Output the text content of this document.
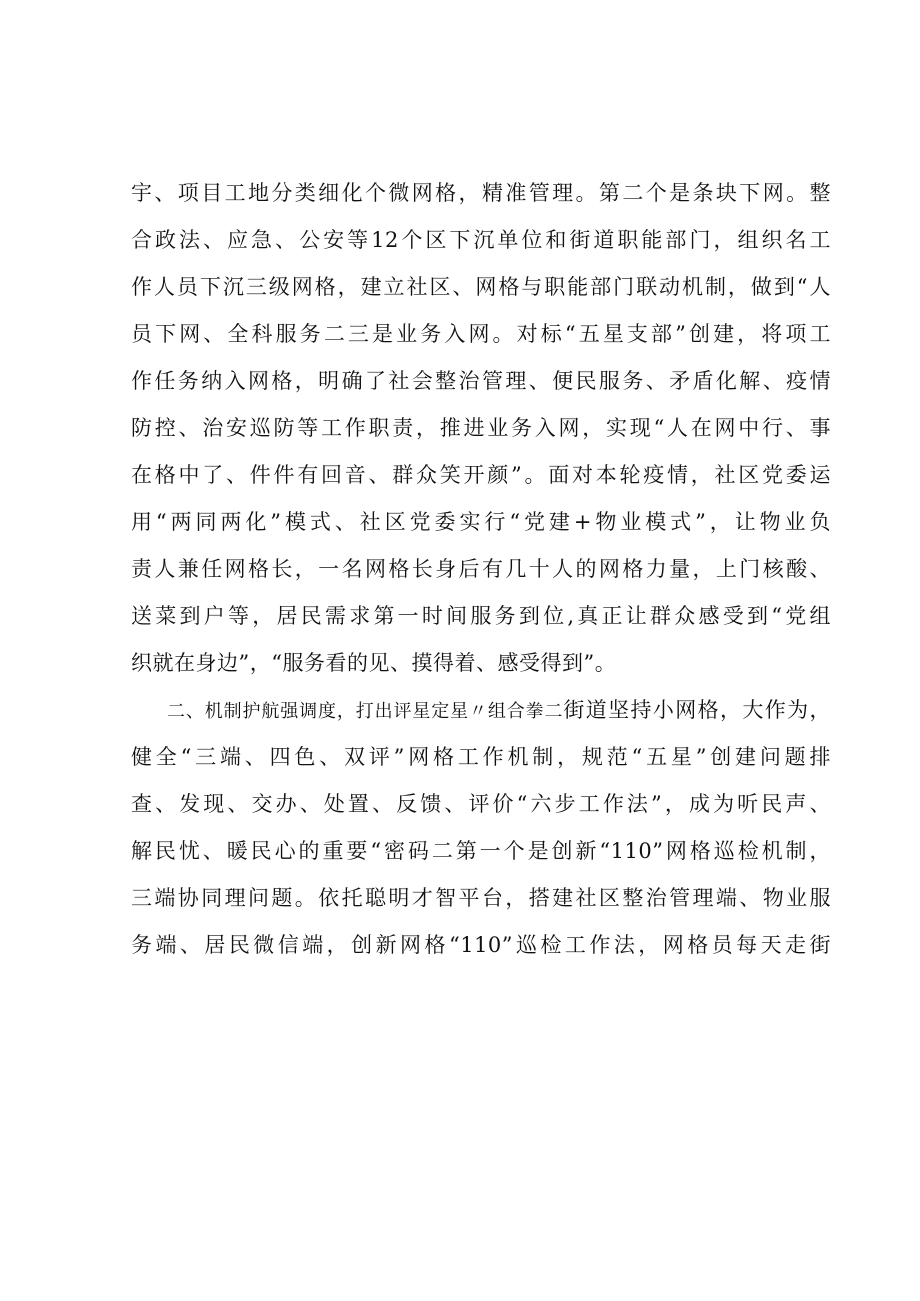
宇、项目工地分类细化个微网格，精准管理。第二个是条块下网。整
合政法、应急、公安等12个区下沉单位和街道职能部门，组织名工
作人员下沉三级网格，建立社区、网格与职能部门联动机制，做到“人
员下网、全科服务二三是业务入网。对标“五星支部”创建，将项工
作任务纳入网格，明确了社会整治管理、便民服务、矛盾化解、疫情
防控、治安巡防等工作职责，推进业务入网，实现“人在网中行、事
在格中了、件件有回音、群众笑开颜”。面对本轮疫情，社区党委运
用“两同两化”模式、社区党委实行“党建+物业模式”，让物业负
责人兼任网格长，一名网格长身后有几十人的网格力量，上门核酸、
送菜到户等，居民需求第一时间服务到位,真正让群众感受到“党组
织就在身边”，“服务看的见、摸得着、感受得到”。
二、机制护航强调度，打出评星定星〃组合拳二街道坚持小网格，大作为，
健全“三端、四色、双评”网格工作机制，规范“五星”创建问题排
查、发现、交办、处置、反馈、评价“六步工作法”，成为听民声、
解民忧、暖民心的重要“密码二第一个是创新“110”网格巡检机制，
三端协同理问题。依托聪明才智平台，搭建社区整治管理端、物业服
务端、居民微信端，创新网格“110”巡检工作法，网格员每天走街
